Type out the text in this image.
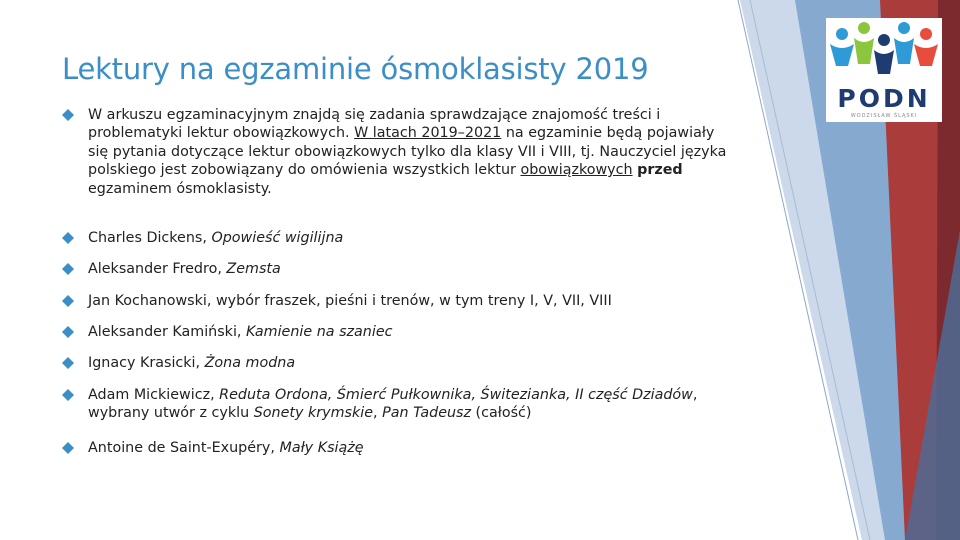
Lektury na egzaminie ósmoklasisty 2019

W arkuszu egzaminacyjnym znajdą się zadania sprawdzające znajomość treści i problematyki lektur obowiązkowych. W latach 2019–2021 na egzaminie będą pojawiały się pytania dotyczące lektur obowiązkowych tylko dla klasy VII i VIII, tj. Nauczyciel języka polskiego jest zobowiązany do omówienia wszystkich lektur obowiązkowych przed egzaminem ósmoklasisty.

Charles Dickens, Opowieść wigilijna

Aleksander Fredro, Zemsta

Jan Kochanowski, wybór fraszek, pieśni i trenów, w tym treny I, V, VII, VIII

Aleksander Kamiński, Kamienie na szaniec

Ignacy Krasicki, Żona modna

Adam Mickiewicz, Reduta Ordona, Śmierć Pułkownika, Świtezianka, II część Dziadów, wybrany utwór z cyklu Sonety krymskie, Pan Tadeusz (całość)

Antoine de Saint-Exupéry, Mały Książę

PODN
WODZISŁAW ŚLĄSKI
